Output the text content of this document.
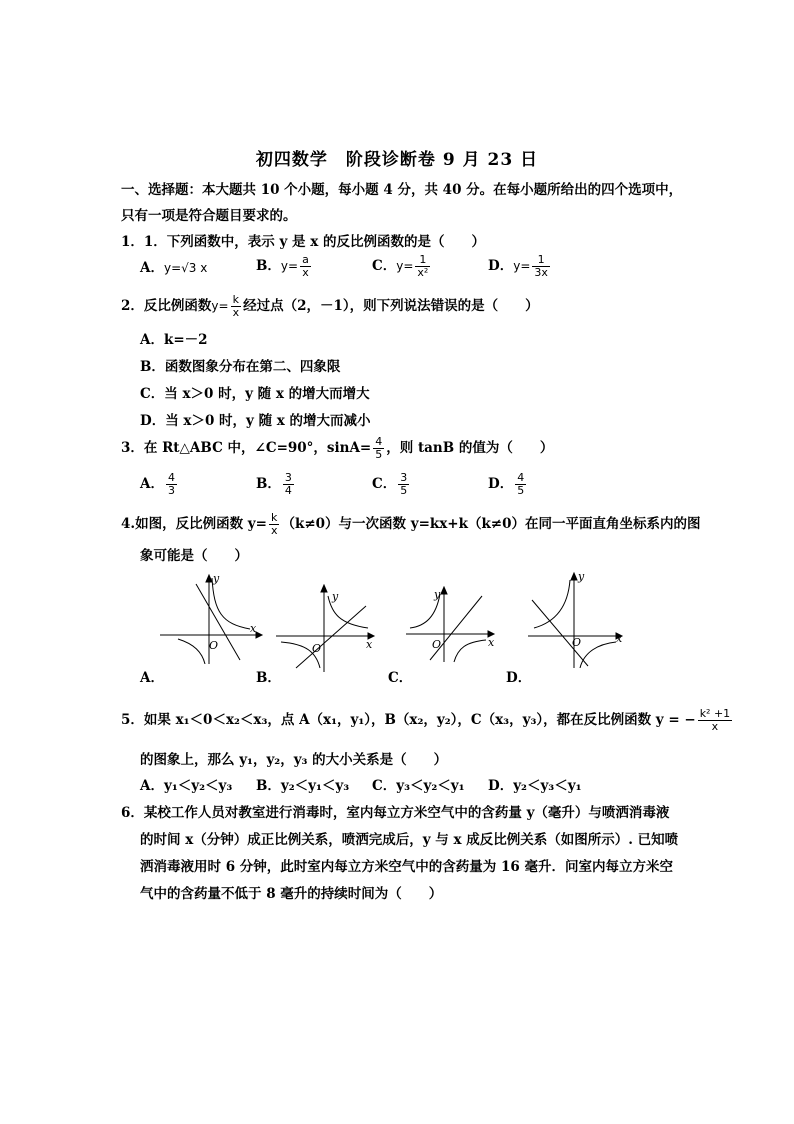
初四数学　阶段诊断卷 9 月 23 日
一、选择题：本大题共 10 个小题，每小题 4 分，共 40 分。在每小题所给出的四个选项中，
只有一项是符合题目要求的。
1．1．下列函数中，表示 y 是 x 的反比例函数的是（　　）
A．y=√3 x	B．$y= \frac{a}{x}$	C．$y= \frac{1}{\text{x²}}$	D．$y= \frac{1}{3x}$
2．反比例函数$y= \frac{k}{x}$ 经过点（2，－1），则下列说法错误的是（　　）
A．k=－2
B．函数图象分布在第二、四象限
C．当 x＞0 时，y 随 x 的增大而增大
D．当 x＞0 时，y 随 x 的增大而减小
3．在 Rt△ABC 中，∠C=90°，$\sin A= \frac{4}{5}$ ，则 tanB 的值为（　　）
A． $\frac{4}{3}$	B． $\frac{3}{4}$	C． $\frac{3}{5}$	D． $\frac{4}{5}$
4.如图，反比例函数 $y= \frac{k}{x} (k\ne 0)$与一次函数 y=kx+k（k≠0）在同一平面直角坐标系内的图
象可能是（　　）
y
x
O
y
x
O
y
x
O
y
x
O
A．	B．	C．	D．
5．如果 x₁＜0＜x₂＜x₃，点 A（x₁，y₁），B（x₂，y₂），C（x₃，y₃），都在反比例函数 y = − $\frac{\text{k² +1}}{x}$
的图象上，那么 y₁，y₂，y₃ 的大小关系是（　　）
A．y₁＜y₂＜y₃ B．y₂＜y₁＜y₃ C．y₃＜y₂＜y₁ D．y₂＜y₃＜y₁
6．某校工作人员对教室进行消毒时，室内每立方米空气中的含药量 y（毫升）与喷洒消毒液
的时间 x（分钟）成正比例关系，喷洒完成后，y 与 x 成反比例关系（如图所示）. 已知喷
洒消毒液用时 6 分钟，此时室内每立方米空气中的含药量为 16 毫升．问室内每立方米空
气中的含药量不低于 8 毫升的持续时间为（　　）
